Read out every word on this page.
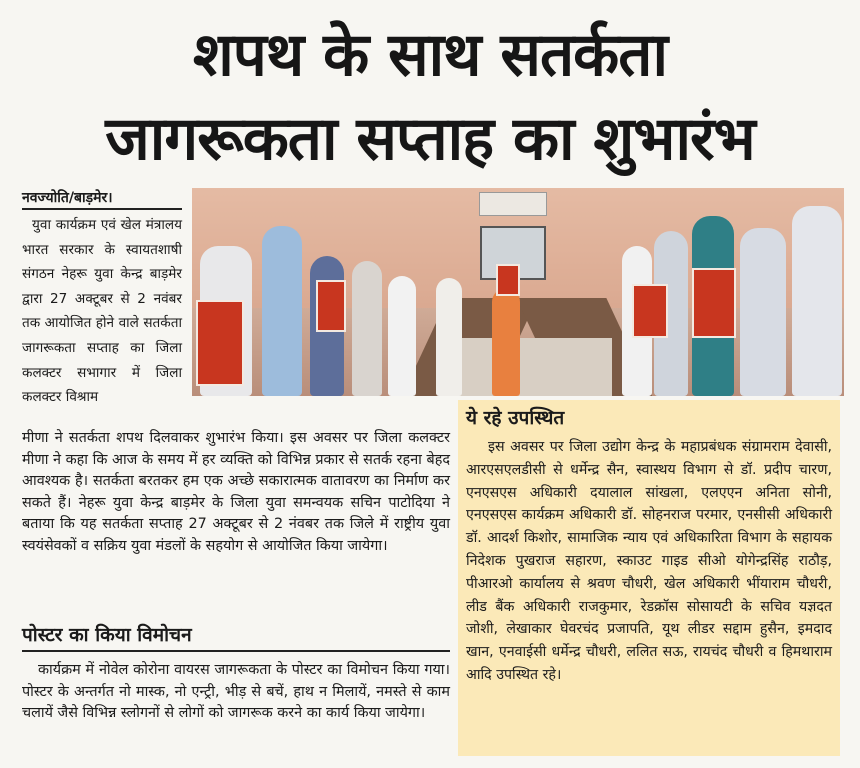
शपथ के साथ सतर्कता
जागरूकता सप्ताह का शुभारंभ
नवज्योति/बाड़मेर।

युवा कार्यक्रम एवं खेल मंत्रालय भारत सरकार के स्वायतशाषी संगठन नेहरू युवा केन्द्र बाड़मेर द्वारा 27 अक्टूबर से 2 नवंबर तक आयोजित होने वाले सतर्कता जागरूकता सप्ताह का जिला कलक्टर सभागार में जिला कलक्टर विश्राम

मीणा ने सतर्कता शपथ दिलवाकर शुभारंभ किया। इस अवसर पर जिला कलक्टर मीणा ने कहा कि आज के समय में हर व्यक्ति को विभिन्न प्रकार से सतर्क रहना बेहद आवश्यक है। सतर्कता बरतकर हम एक अच्छे सकारात्मक वातावरण का निर्माण कर सकते हैं। नेहरू युवा केन्द्र बाड़मेर के जिला युवा समन्वयक सचिन पाटोदिया ने बताया कि यह सतर्कता सप्ताह 27 अक्टूबर से 2 नंवबर तक जिले में राष्ट्रीय युवा स्वयंसेवकों व सक्रिय युवा मंडलों के सहयोग से आयोजित किया जायेगा।

पोस्टर का किया विमोचन

कार्यक्रम में नोवेल कोरोना वायरस जागरूकता के पोस्टर का विमोचन किया गया। पोस्टर के अन्तर्गत नो मास्क, नो एन्ट्री, भीड़ से बचें, हाथ न मिलायें, नमस्ते से काम चलायें जैसे विभिन्न स्लोगनों से लोगों को जागरूक करने का कार्य किया जायेगा।

ये रहे उपस्थित

इस अवसर पर जिला उद्योग केन्द्र के महाप्रबंधक संग्रामराम देवासी, आरएसएलडीसी से धर्मेन्द्र सैन, स्वास्थय विभाग से डॉ. प्रदीप चारण, एनएसएस अधिकारी दयालाल सांखला, एलएएन अनिता सोनी, एनएसएस कार्यक्रम अधिकारी डॉ. सोहनराज परमार, एनसीसी अधिकारी डॉ. आदर्श किशोर, सामाजिक न्याय एवं अधिकारिता विभाग के सहायक निदेशक पुखराज सहारण, स्काउट गाइड सीओ योगेन्द्रसिंह राठौड़, पीआरओ कार्यालय से श्रवण चौधरी, खेल अधिकारी भींयाराम चौधरी, लीड बैंक अधिकारी राजकुमार, रेडक्रॉस सोसायटी के सचिव यज्ञदत जोशी, लेखाकार घेवरचंद प्रजापति, यूथ लीडर सद्दाम हुसैन, इमदाद खान, एनवाईसी धर्मेन्द्र चौधरी, ललित सऊ, रायचंद चौधरी व हिमथाराम आदि उपस्थित रहे।
